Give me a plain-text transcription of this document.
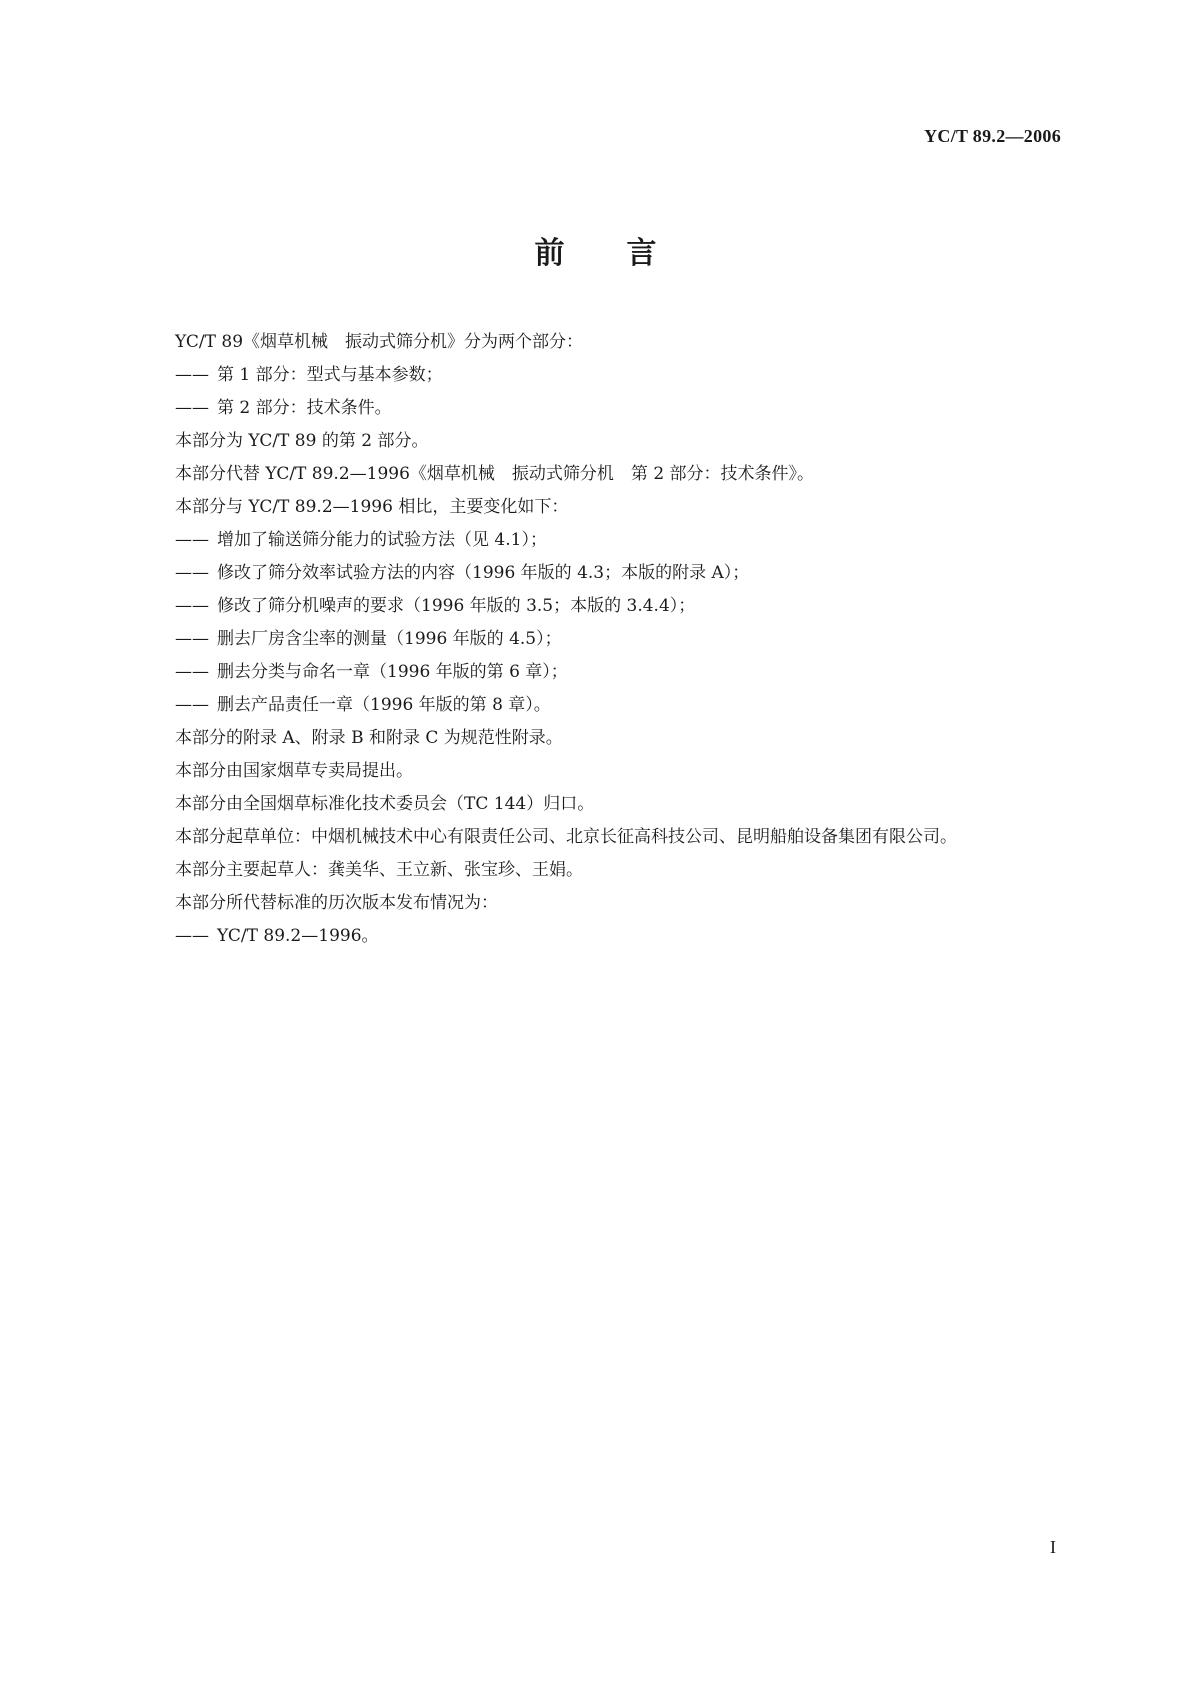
YC/T 89.2—2006
前言

YC/T 89《烟草机械　振动式筛分机》分为两个部分：

—— 第 1 部分：型式与基本参数；

—— 第 2 部分：技术条件。

本部分为 YC/T 89 的第 2 部分。

本部分代替 YC/T 89.2—1996《烟草机械　振动式筛分机　第 2 部分：技术条件》。

本部分与 YC/T 89.2—1996 相比，主要变化如下：

—— 增加了输送筛分能力的试验方法（见 4.1）；

—— 修改了筛分效率试验方法的内容（1996 年版的 4.3；本版的附录 A）；

—— 修改了筛分机噪声的要求（1996 年版的 3.5；本版的 3.4.4）；

—— 删去厂房含尘率的测量（1996 年版的 4.5）；

—— 删去分类与命名一章（1996 年版的第 6 章）；

—— 删去产品责任一章（1996 年版的第 8 章）。

本部分的附录 A、附录 B 和附录 C 为规范性附录。

本部分由国家烟草专卖局提出。

本部分由全国烟草标准化技术委员会（TC 144）归口。

本部分起草单位：中烟机械技术中心有限责任公司、北京长征高科技公司、昆明船舶设备集团有限公司。

本部分主要起草人：龚美华、王立新、张宝珍、王娟。

本部分所代替标准的历次版本发布情况为：

—— YC/T 89.2—1996。

I
